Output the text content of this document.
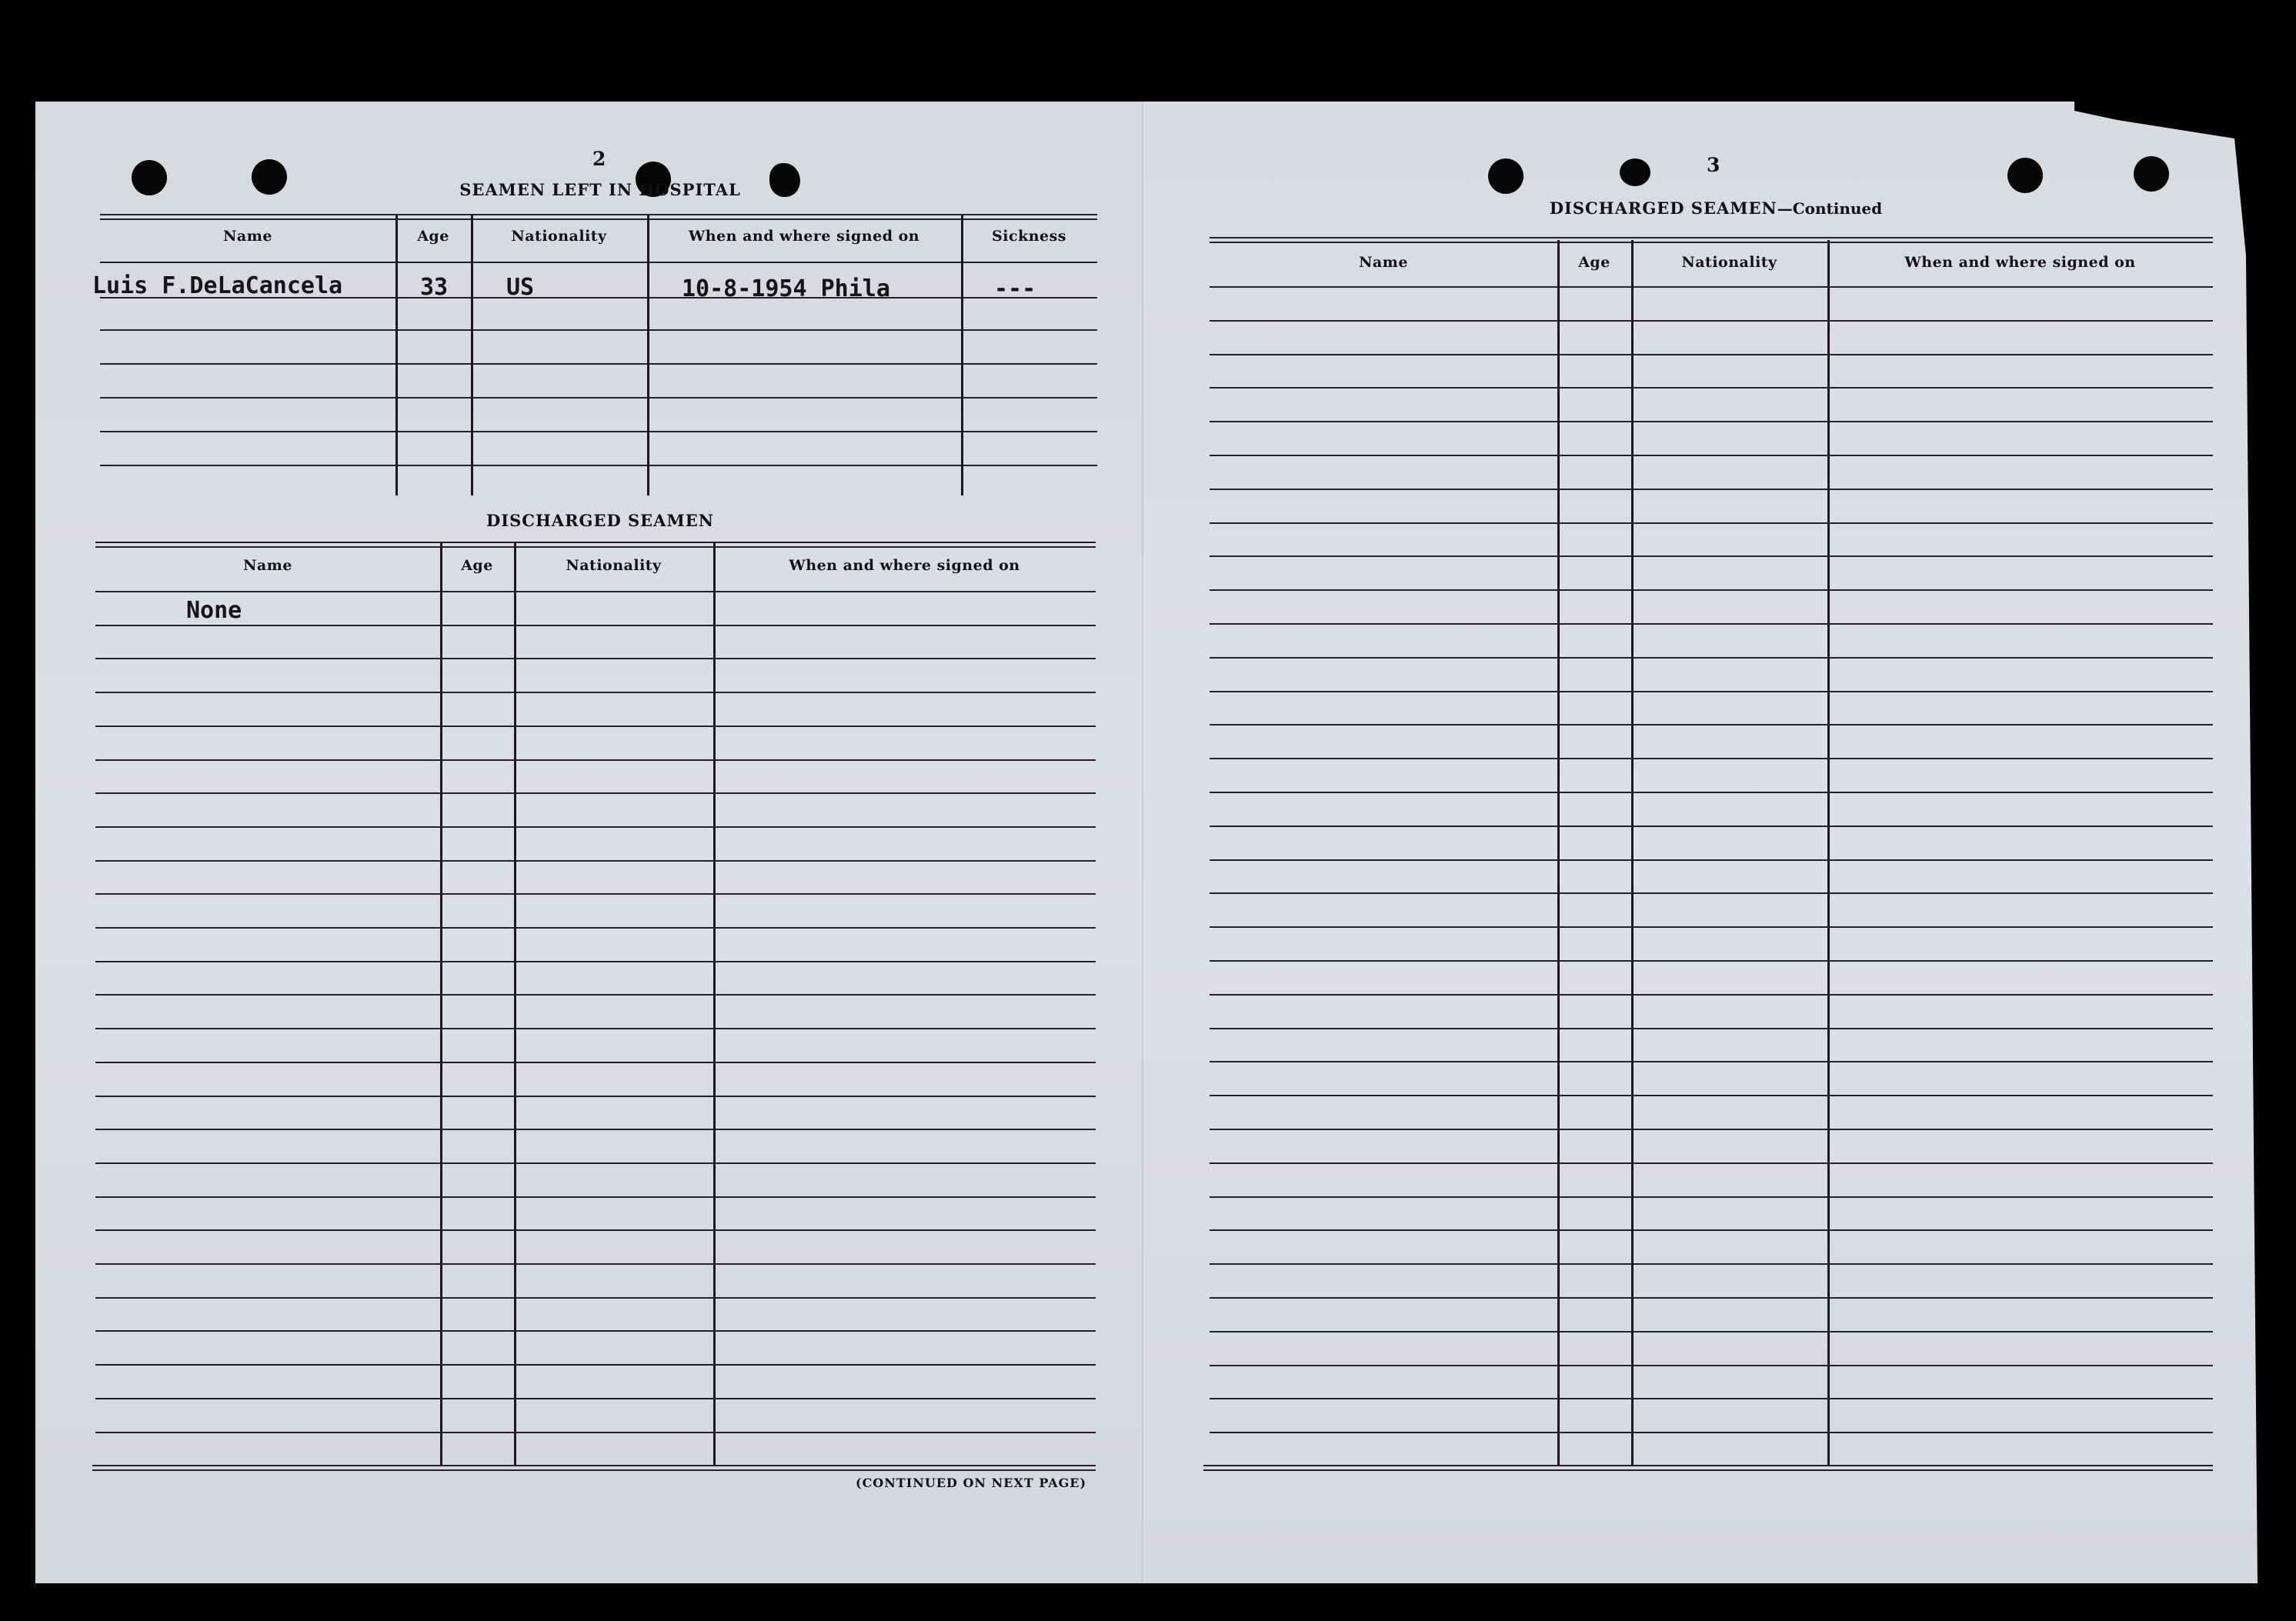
2
SEAMEN LEFT IN HOSPITAL
Name	Age	Nationality	When and where signed on	Sickness
Luis F.DeLaCancela	33	US	10-8-1954 Phila	---
DISCHARGED SEAMEN
Name	Age	Nationality	When and where signed on
None
(CONTINUED ON NEXT PAGE)
3
DISCHARGED SEAMEN—Continued
Name	Age	Nationality	When and where signed on
